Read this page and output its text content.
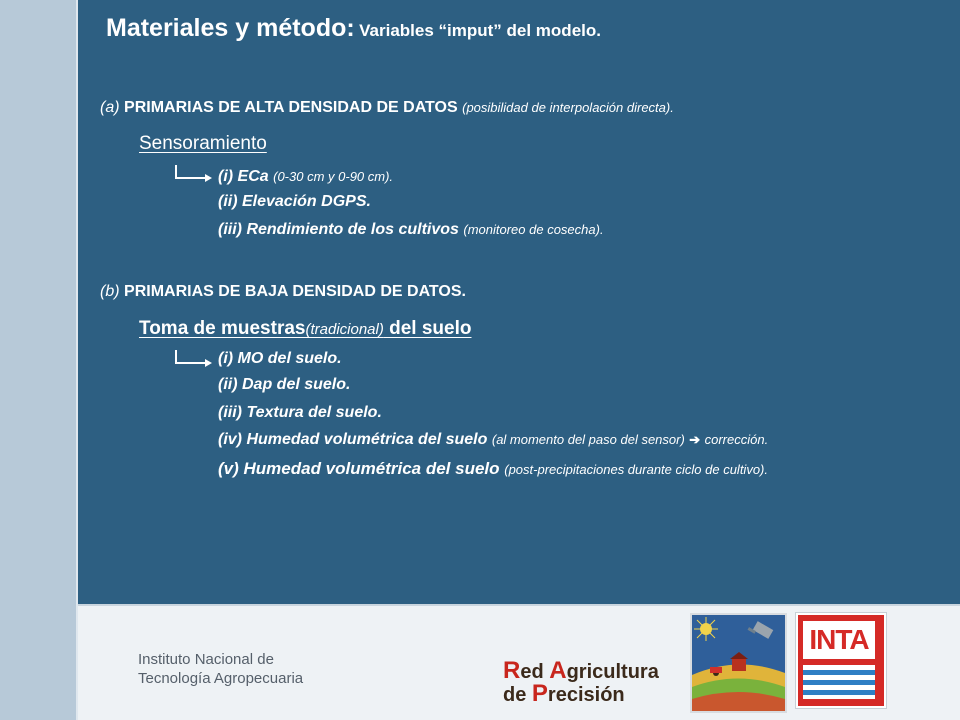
Materiales y método: Variables “imput” del modelo.
(a) PRIMARIAS DE ALTA DENSIDAD DE DATOS (posibilidad de interpolación directa).
Sensoramiento
(i) ECa (0-30 cm y 0-90 cm).
(ii) Elevación DGPS.
(iii) Rendimiento de los cultivos (monitoreo de cosecha).
(b) PRIMARIAS DE BAJA DENSIDAD DE DATOS.
Toma de muestras(tradicional) del suelo
(i) MO del suelo.
(ii) Dap del suelo.
(iii) Textura del suelo.
(iv) Humedad volumétrica del suelo (al momento del paso del sensor) ➔ corrección.
(v) Humedad volumétrica del suelo (post-precipitaciones durante ciclo de cultivo).
Instituto Nacional de
Tecnología Agropecuaria	Red Agricultura
de Precisión
INTA
